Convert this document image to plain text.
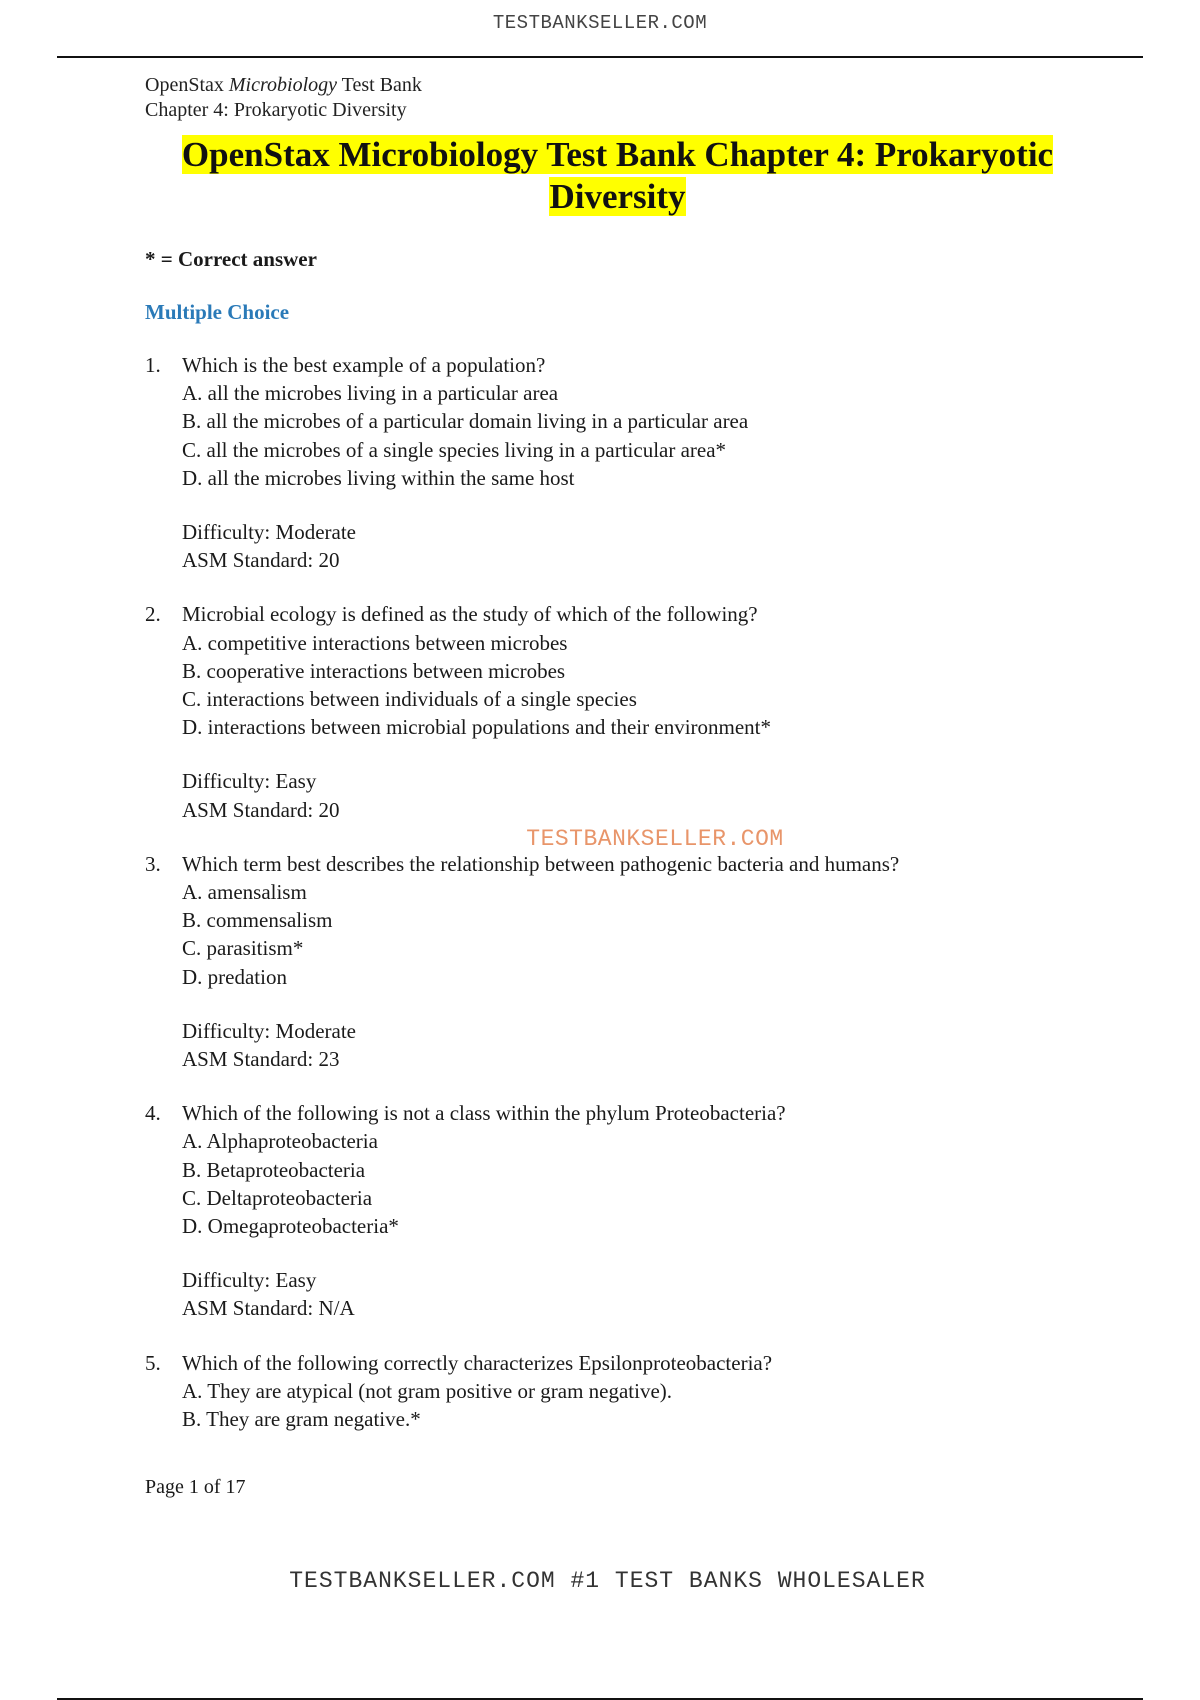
TESTBANKSELLER.COM
OpenStax Microbiology Test Bank
Chapter 4: Prokaryotic Diversity
OpenStax Microbiology Test Bank Chapter 4: Prokaryotic
Diversity
* = Correct answer
Multiple Choice
1.	Which is the best example of a population?
A. all the microbes living in a particular area
B. all the microbes of a particular domain living in a particular area
C. all the microbes of a single species living in a particular area*
D. all the microbes living within the same host
Difficulty: Moderate
ASM Standard: 20
2.	Microbial ecology is defined as the study of which of the following?
A. competitive interactions between microbes
B. cooperative interactions between microbes
C. interactions between individuals of a single species
D. interactions between microbial populations and their environment*
Difficulty: Easy
ASM Standard: 20
TESTBANKSELLER.COM
3.	Which term best describes the relationship between pathogenic bacteria and humans?
A. amensalism
B. commensalism
C. parasitism*
D. predation
Difficulty: Moderate
ASM Standard: 23
4.	Which of the following is not a class within the phylum Proteobacteria?
A. Alphaproteobacteria
B. Betaproteobacteria
C. Deltaproteobacteria
D. Omegaproteobacteria*
Difficulty: Easy
ASM Standard: N/A
5.	Which of the following correctly characterizes Epsilonproteobacteria?
A. They are atypical (not gram positive or gram negative).
B. They are gram negative.*
Page 1 of 17
TESTBANKSELLER.COM #1 TEST BANKS WHOLESALER
